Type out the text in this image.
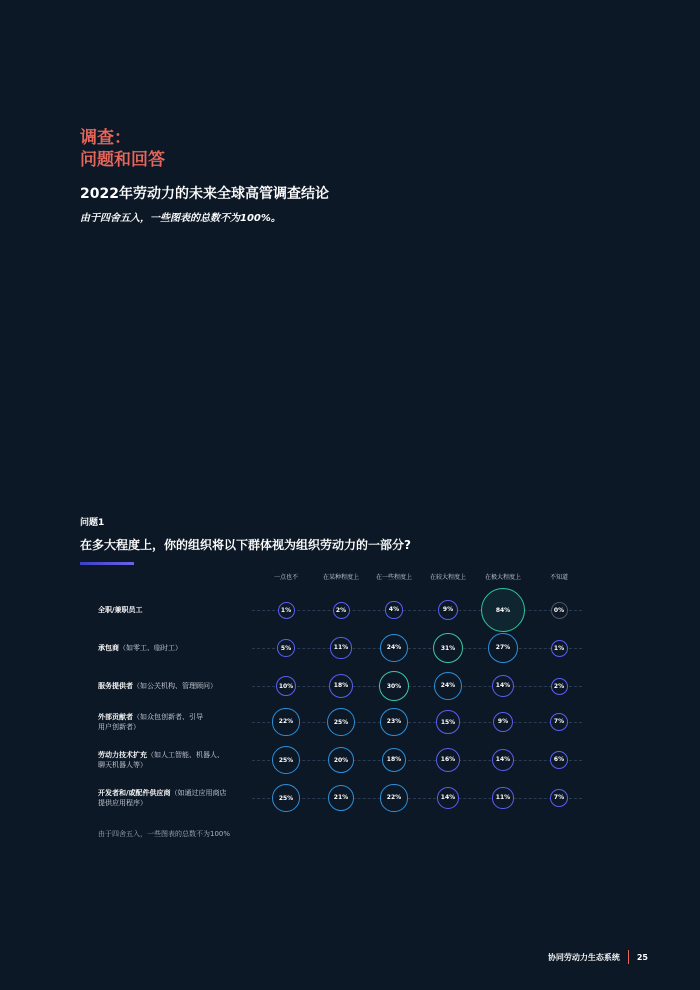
调查：
问题和回答
2022年劳动力的未来全球高管调查结论
由于四舍五入，一些图表的总数不为100%。
问题1
在多大程度上，你的组织将以下群体视为组织劳动力的一部分?
一点也不	在某种程度上	在一些程度上	在较大程度上	在极大程度上	不知道
全职/兼职员工	1%	2%	4%	9%	84%	0%
承包商（如零工、临时工）	5%	11%	24%	31%	27%	1%
服务提供者（如公关机构、管理顾问）	10%	18%	30%	24%	14%	2%
外部贡献者（如众包创新者、引导
用户创新者）
22%	25%	23%	15%	9%	7%
劳动力技术扩充（如人工智能、机器人、
聊天机器人等）
25%	20%	18%	16%	14%	6%
开发者和/或配件供应商（如通过应用商店
提供应用程序）
25%	21%	22%	14%	11%	7%
由于四舍五入，一些图表的总数不为100%
协同劳动力生态系统 25
